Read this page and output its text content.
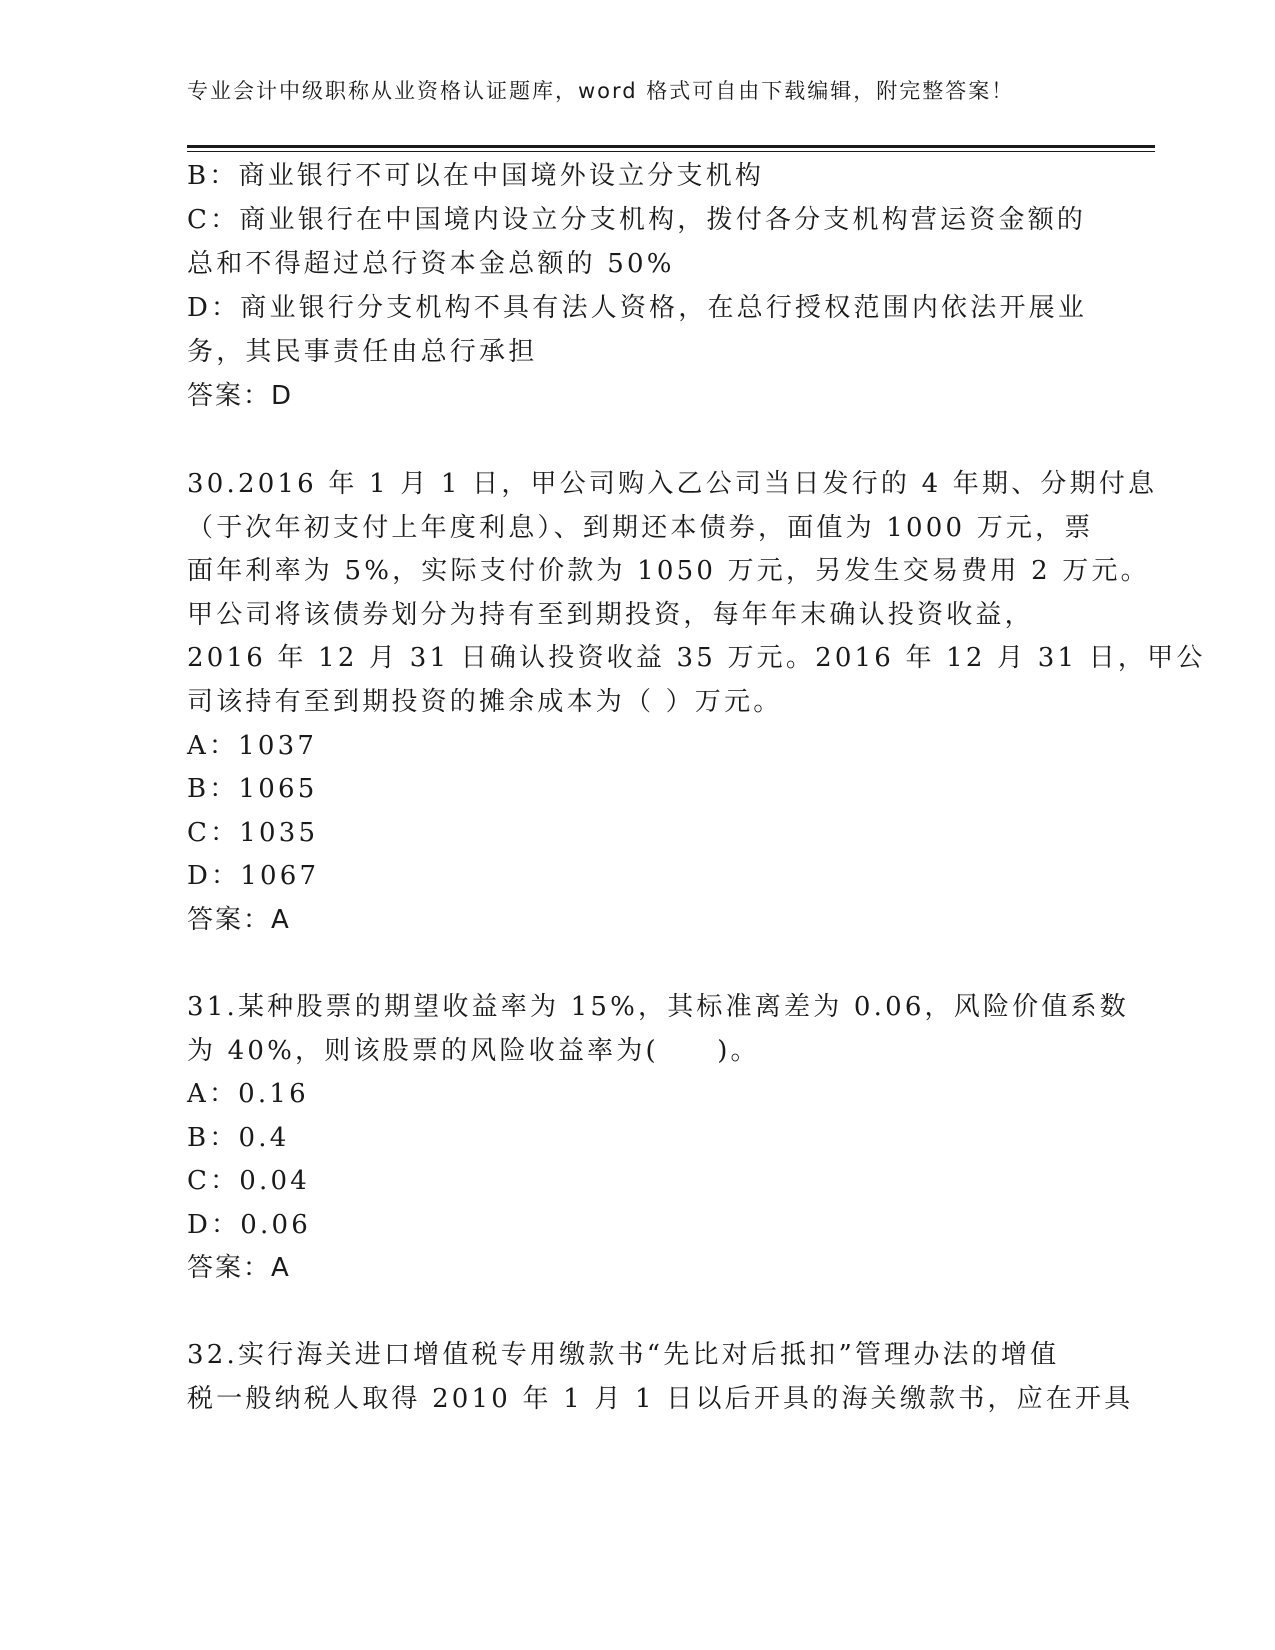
专业会计中级职称从业资格认证题库，word 格式可自由下载编辑，附完整答案！
B：商业银行不可以在中国境外设立分支机构
C：商业银行在中国境内设立分支机构，拨付各分支机构营运资金额的
总和不得超过总行资本金总额的 50%
D：商业银行分支机构不具有法人资格，在总行授权范围内依法开展业
务，其民事责任由总行承担
答案：D
30.2016 年 1 月 1 日，甲公司购入乙公司当日发行的 4 年期、分期付息
（于次年初支付上年度利息）、到期还本债券，面值为 1000 万元，票
面年利率为 5%，实际支付价款为 1050 万元，另发生交易费用 2 万元。
甲公司将该债券划分为持有至到期投资，每年年末确认投资收益，
2016 年 12 月 31 日确认投资收益 35 万元。2016 年 12 月 31 日，甲公
司该持有至到期投资的摊余成本为（ ）万元。
A：1037
B：1065
C：1035
D：1067
答案：A
31.某种股票的期望收益率为 15%，其标准离差为 0.06，风险价值系数
为 40%，则该股票的风险收益率为(　　)。
A：0.16
B：0.4
C：0.04
D：0.06
答案：A
32.实行海关进口增值税专用缴款书“先比对后抵扣”管理办法的增值
税一般纳税人取得 2010 年 1 月 1 日以后开具的海关缴款书，应在开具
